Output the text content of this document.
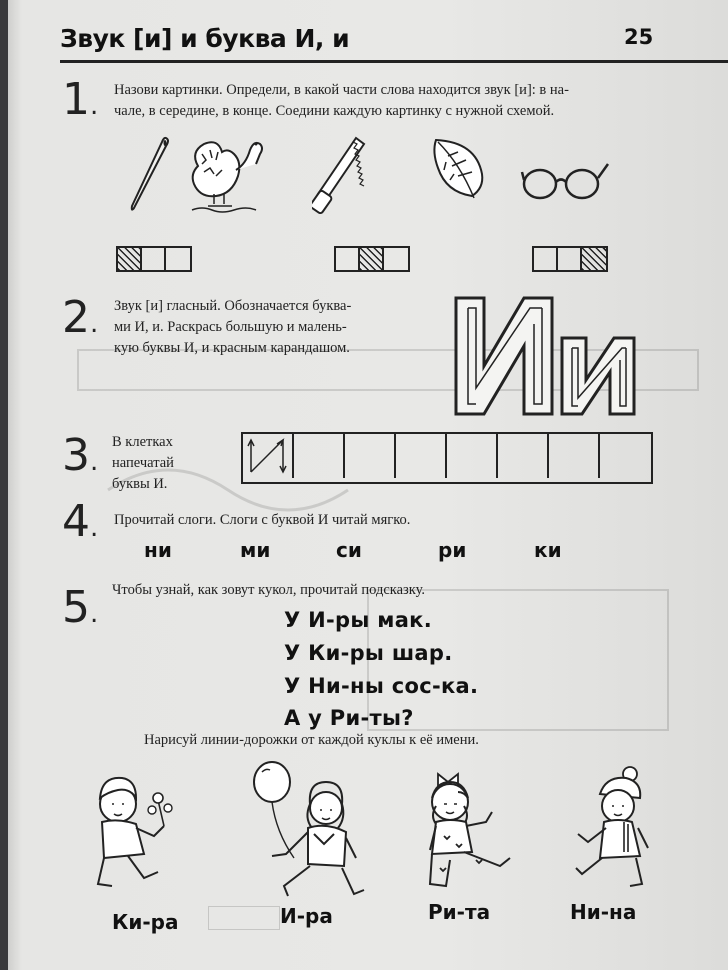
Звук [и] и буква И, и	25
1.
Назови картинки. Определи, в какой части слова находится звук [и]: в на-
чале, в середине, в конце. Соедини каждую картинку с нужной схемой.
2.
Звук [и] гласный. Обозначается буква-
ми И, и. Раскрась большую и малень-
кую буквы И, и красным карандашом.
3.
В клетках
напечатай
буквы И.
4. Прочитай слоги. Слоги с буквой И читай мягко.
ни	ми	си	ри	ки
5.
Чтобы узнай, как зовут кукол, прочитай подсказку.
У И-ры мак.
У Ки-ры шар.
У Ни-ны сос-ка.
А у Ри-ты?
Нарисуй линии-дорожки от каждой куклы к её имени.
Ки-ра	И-ра	Ри-та	Ни-на
